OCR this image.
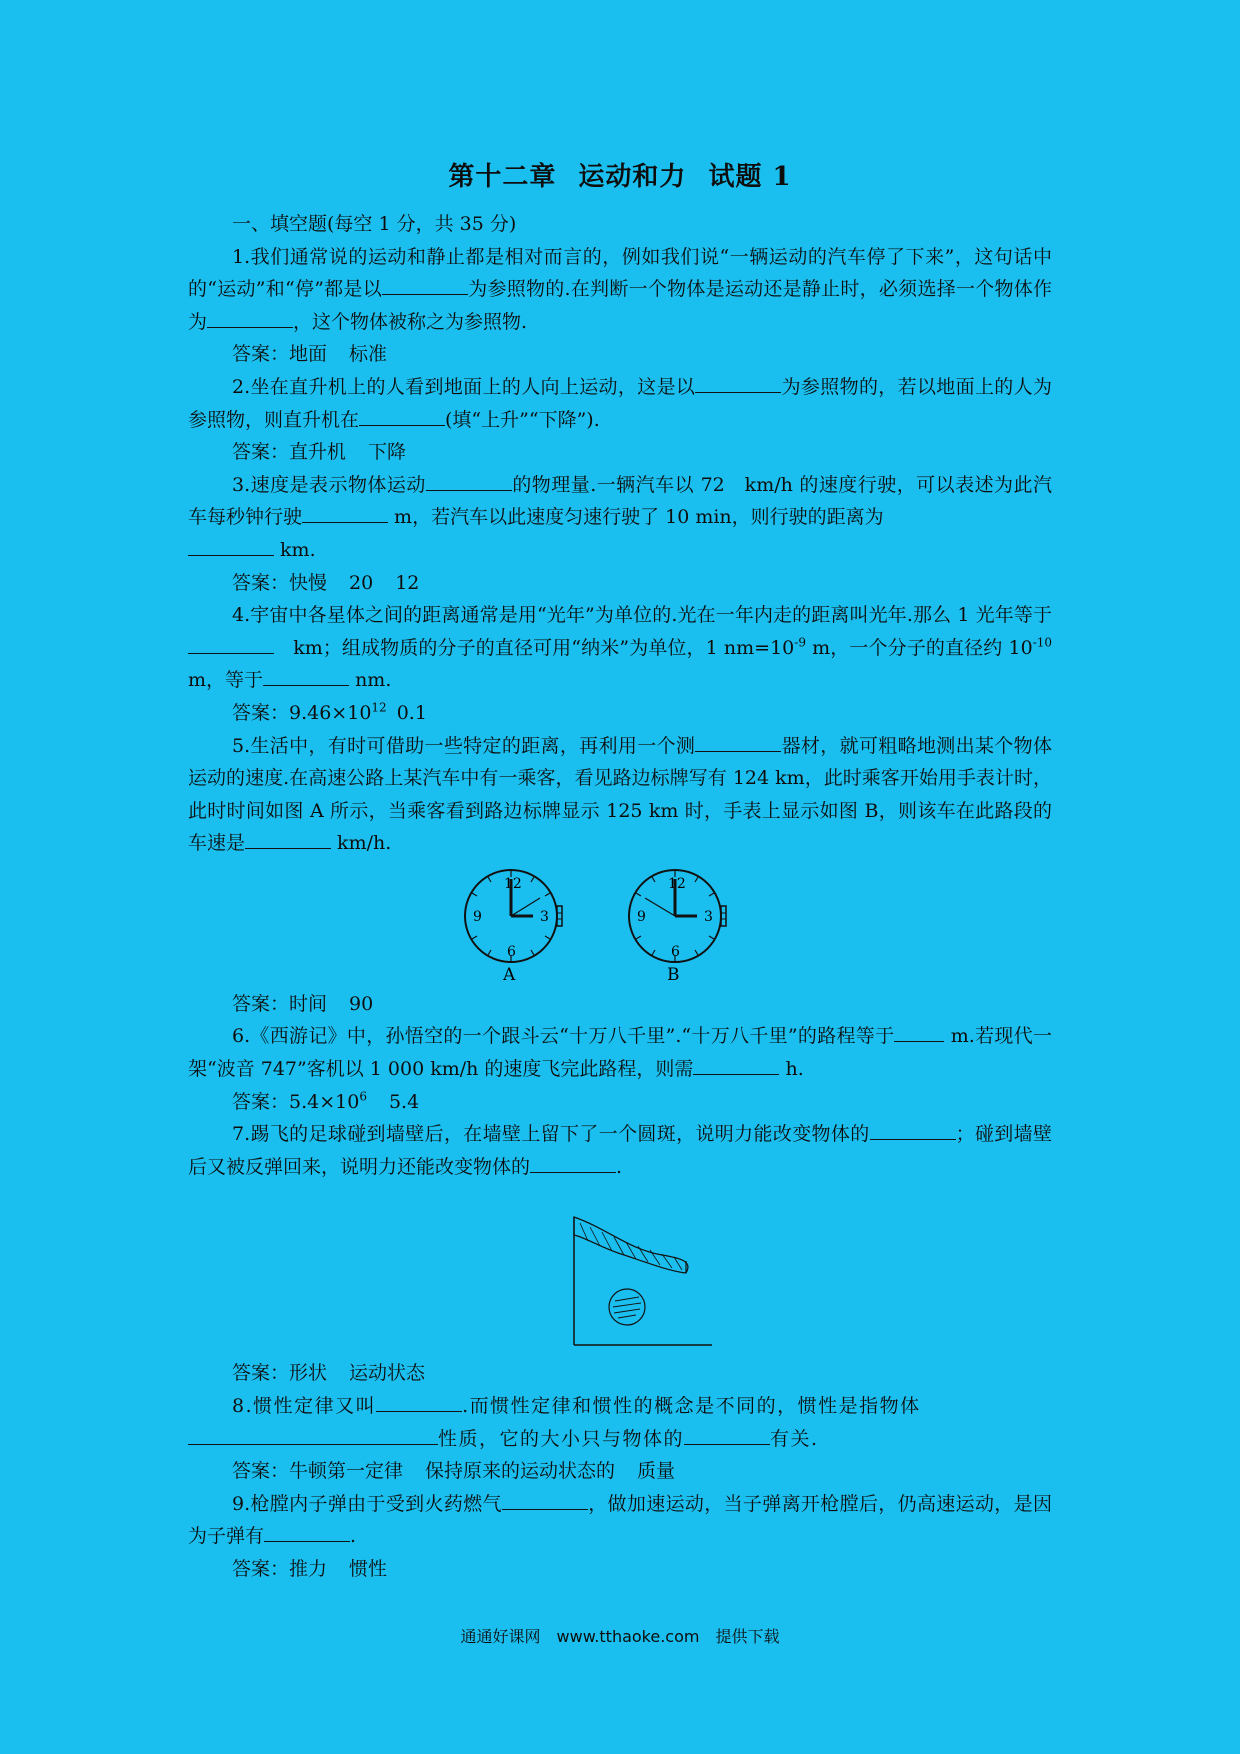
第十二章 运动和力 试题 1

一、填空题(每空 1 分，共 35 分)

1.我们通常说的运动和静止都是相对而言的，例如我们说“一辆运动的汽车停了下来”，这句话中的“运动”和“停”都是以	为参照物的.在判断一个物体是运动还是静止时，必须选择一个物体作为	，这个物体被称之为参照物.

答案：地面 标准

2.坐在直升机上的人看到地面上的人向上运动，这是以	为参照物的，若以地面上的人为参照物，则直升机在	(填“上升”“下降”).

答案：直升机 下降

3.速度是表示物体运动	的物理量.一辆汽车以 72　km/h 的速度行驶，可以表述为此汽车每秒钟行驶	m，若汽车以此速度匀速行驶了 10 min，则行驶的距离为
km.

答案：快慢 20 12

4.宇宙中各星体之间的距离通常是用“光年”为单位的.光在一年内走的距离叫光年.那么 1 光年等于　km；组成物质的分子的直径可用“纳米”为单位，1 $nm=10^{-9}$ m，一个分子的直径约 $10^{-10}$ m，等于	nm.

答案：$9.46\times 10^{12}$ 0.1

5.生活中，有时可借助一些特定的距离，再利用一个测	器材，就可粗略地测出某个物体运动的速度.在高速公路上某汽车中有一乘客，看见路边标牌写有 124 km，此时乘客开始用手表计时，此时时间如图 A 所示，当乘客看到路边标牌显示 125 km 时，手表上显示如图 B，则该车在此路段的车速是	km/h.

12
3
6
9
A
12
3
6
9
B
答案：时间 90

6.《西游记》中，孙悟空的一个跟斗云“十万八千里”.“十万八千里”的路程等于	m.若现代一架“波音 747”客机以 1 000 km/h 的速度飞完此路程，则需	h.

答案：$5.4\times 10^6$ 5.4

7.踢飞的足球碰到墙壁后，在墙壁上留下了一个圆斑，说明力能改变物体的	；碰到墙壁后又被反弹回来，说明力还能改变物体的	.

答案：形状 运动状态

8.惯性定律又叫	.而惯性定律和惯性的概念是不同的，惯性是指物体
性质，它的大小只与物体的	有关.

答案：牛顿第一定律 保持原来的运动状态的 质量

9.枪膛内子弹由于受到火药燃气	，做加速运动，当子弹离开枪膛后，仍高速运动，是因为子弹有	.

答案：推力 惯性
通通好课网　www.tthaoke.com　提供下载
